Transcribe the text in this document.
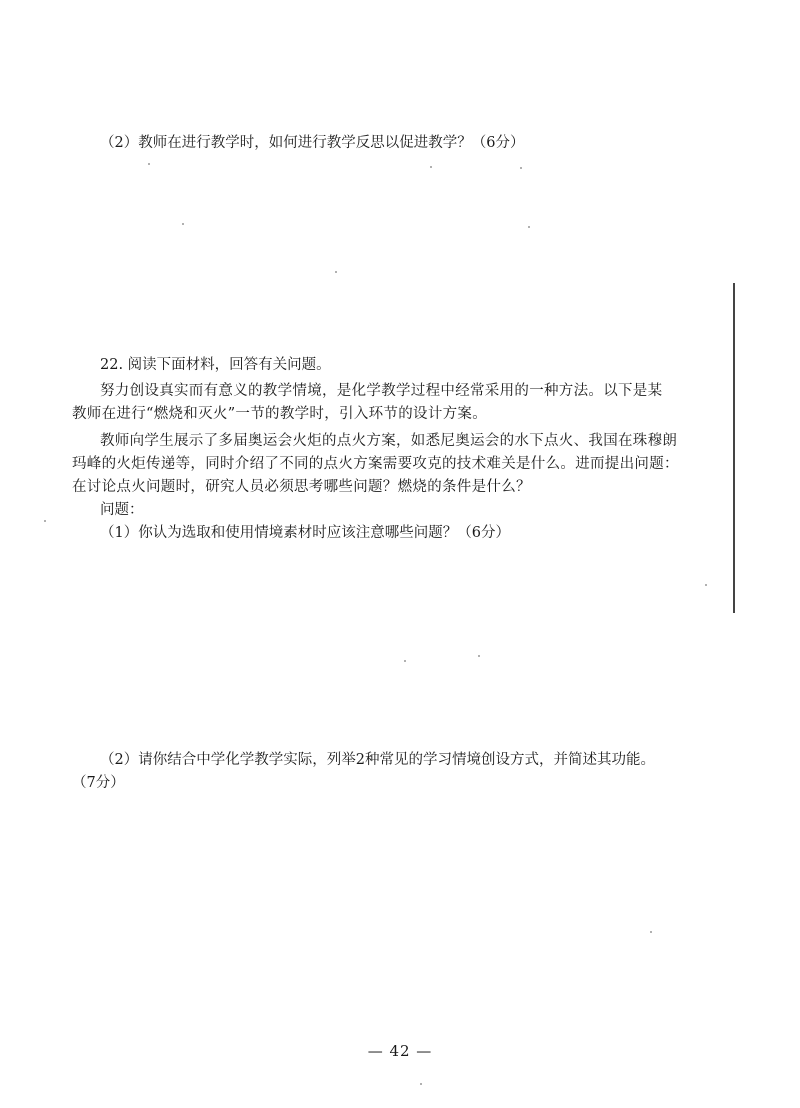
（2）教师在进行教学时，如何进行教学反思以促进教学？（6分）
22. 阅读下面材料，回答有关问题。
努力创设真实而有意义的教学情境，是化学教学过程中经常采用的一种方法。以下是某
教师在进行“燃烧和灭火”一节的教学时，引入环节的设计方案。
教师向学生展示了多届奥运会火炬的点火方案，如悉尼奥运会的水下点火、我国在珠穆朗
玛峰的火炬传递等，同时介绍了不同的点火方案需要攻克的技术难关是什么。进而提出问题：
在讨论点火问题时，研究人员必须思考哪些问题？燃烧的条件是什么？
问题：
（1）你认为选取和使用情境素材时应该注意哪些问题？（6分）
（2）请你结合中学化学教学实际，列举2种常见的学习情境创设方式，并简述其功能。
（7分）
— 42 —
